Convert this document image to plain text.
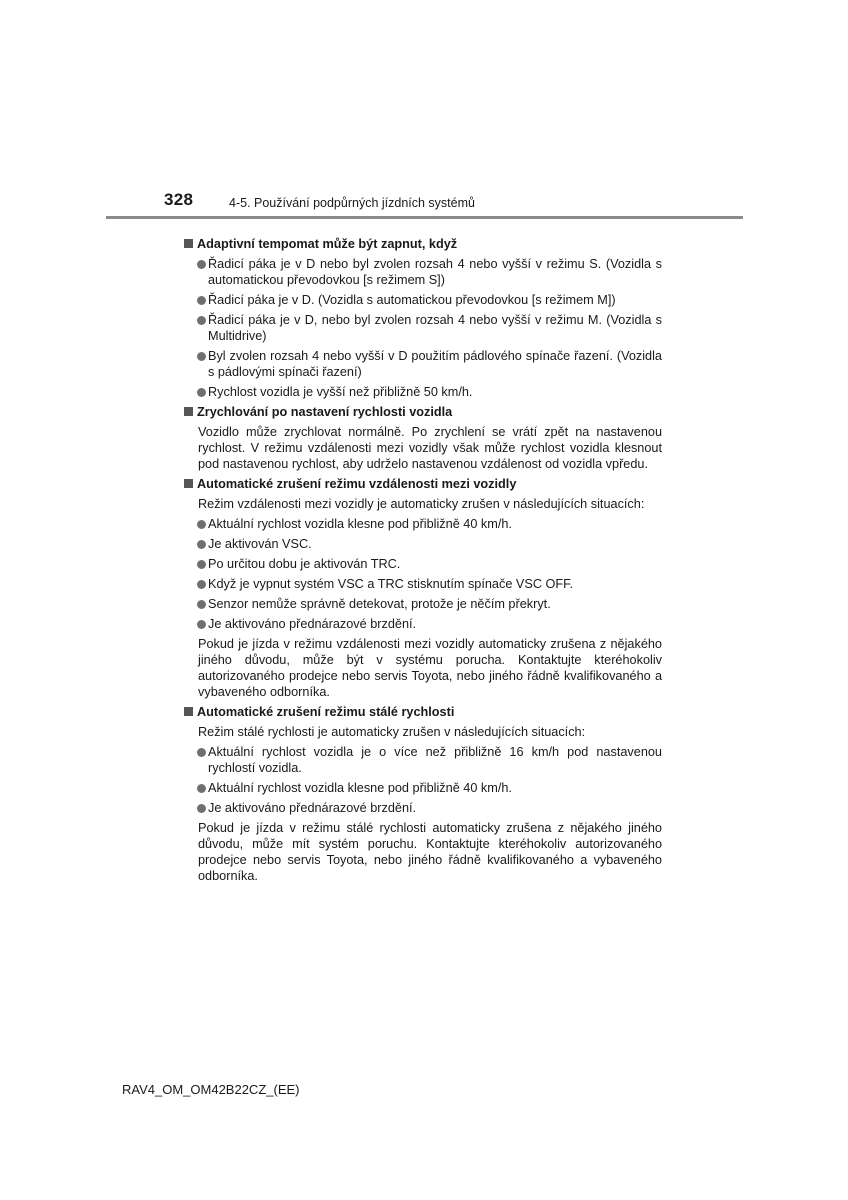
328	4-5. Používání podpůrných jízdních systémů
Adaptivní tempomat může být zapnut, když
Řadicí páka je v D nebo byl zvolen rozsah 4 nebo vyšší v režimu S. (Vozidla s automatickou převodovkou [s režimem S])
Řadicí páka je v D. (Vozidla s automatickou převodovkou [s režimem M])
Řadicí páka je v D, nebo byl zvolen rozsah 4 nebo vyšší v režimu M. (Vozidla s Multidrive)
Byl zvolen rozsah 4 nebo vyšší v D použitím pádlového spínače řazení. (Vozidla s pádlovými spínači řazení)
Rychlost vozidla je vyšší než přibližně 50 km/h.
Zrychlování po nastavení rychlosti vozidla
Vozidlo může zrychlovat normálně. Po zrychlení se vrátí zpět na nastavenou rychlost. V režimu vzdálenosti mezi vozidly však může rychlost vozidla klesnout pod nastavenou rychlost, aby udrželo nastavenou vzdálenost od vozidla vpředu.
Automatické zrušení režimu vzdálenosti mezi vozidly
Režim vzdálenosti mezi vozidly je automaticky zrušen v následujících situacích:
Aktuální rychlost vozidla klesne pod přibližně 40 km/h.
Je aktivován VSC.
Po určitou dobu je aktivován TRC.
Když je vypnut systém VSC a TRC stisknutím spínače VSC OFF.
Senzor nemůže správně detekovat, protože je něčím překryt.
Je aktivováno přednárazové brzdění.
Pokud je jízda v režimu vzdálenosti mezi vozidly automaticky zrušena z nějakého jiného důvodu, může být v systému porucha. Kontaktujte kteréhokoliv autorizovaného prodejce nebo servis Toyota, nebo jiného řádně kvalifikovaného a vybaveného odborníka.
Automatické zrušení režimu stálé rychlosti
Režim stálé rychlosti je automaticky zrušen v následujících situacích:
Aktuální rychlost vozidla je o více než přibližně 16 km/h pod nastavenou rychlostí vozidla.
Aktuální rychlost vozidla klesne pod přibližně 40 km/h.
Je aktivováno přednárazové brzdění.
Pokud je jízda v režimu stálé rychlosti automaticky zrušena z nějakého jiného důvodu, může mít systém poruchu. Kontaktujte kteréhokoliv autorizovaného prodejce nebo servis Toyota, nebo jiného řádně kvalifikovaného a vybaveného odborníka.
RAV4_OM_OM42B22CZ_(EE)
